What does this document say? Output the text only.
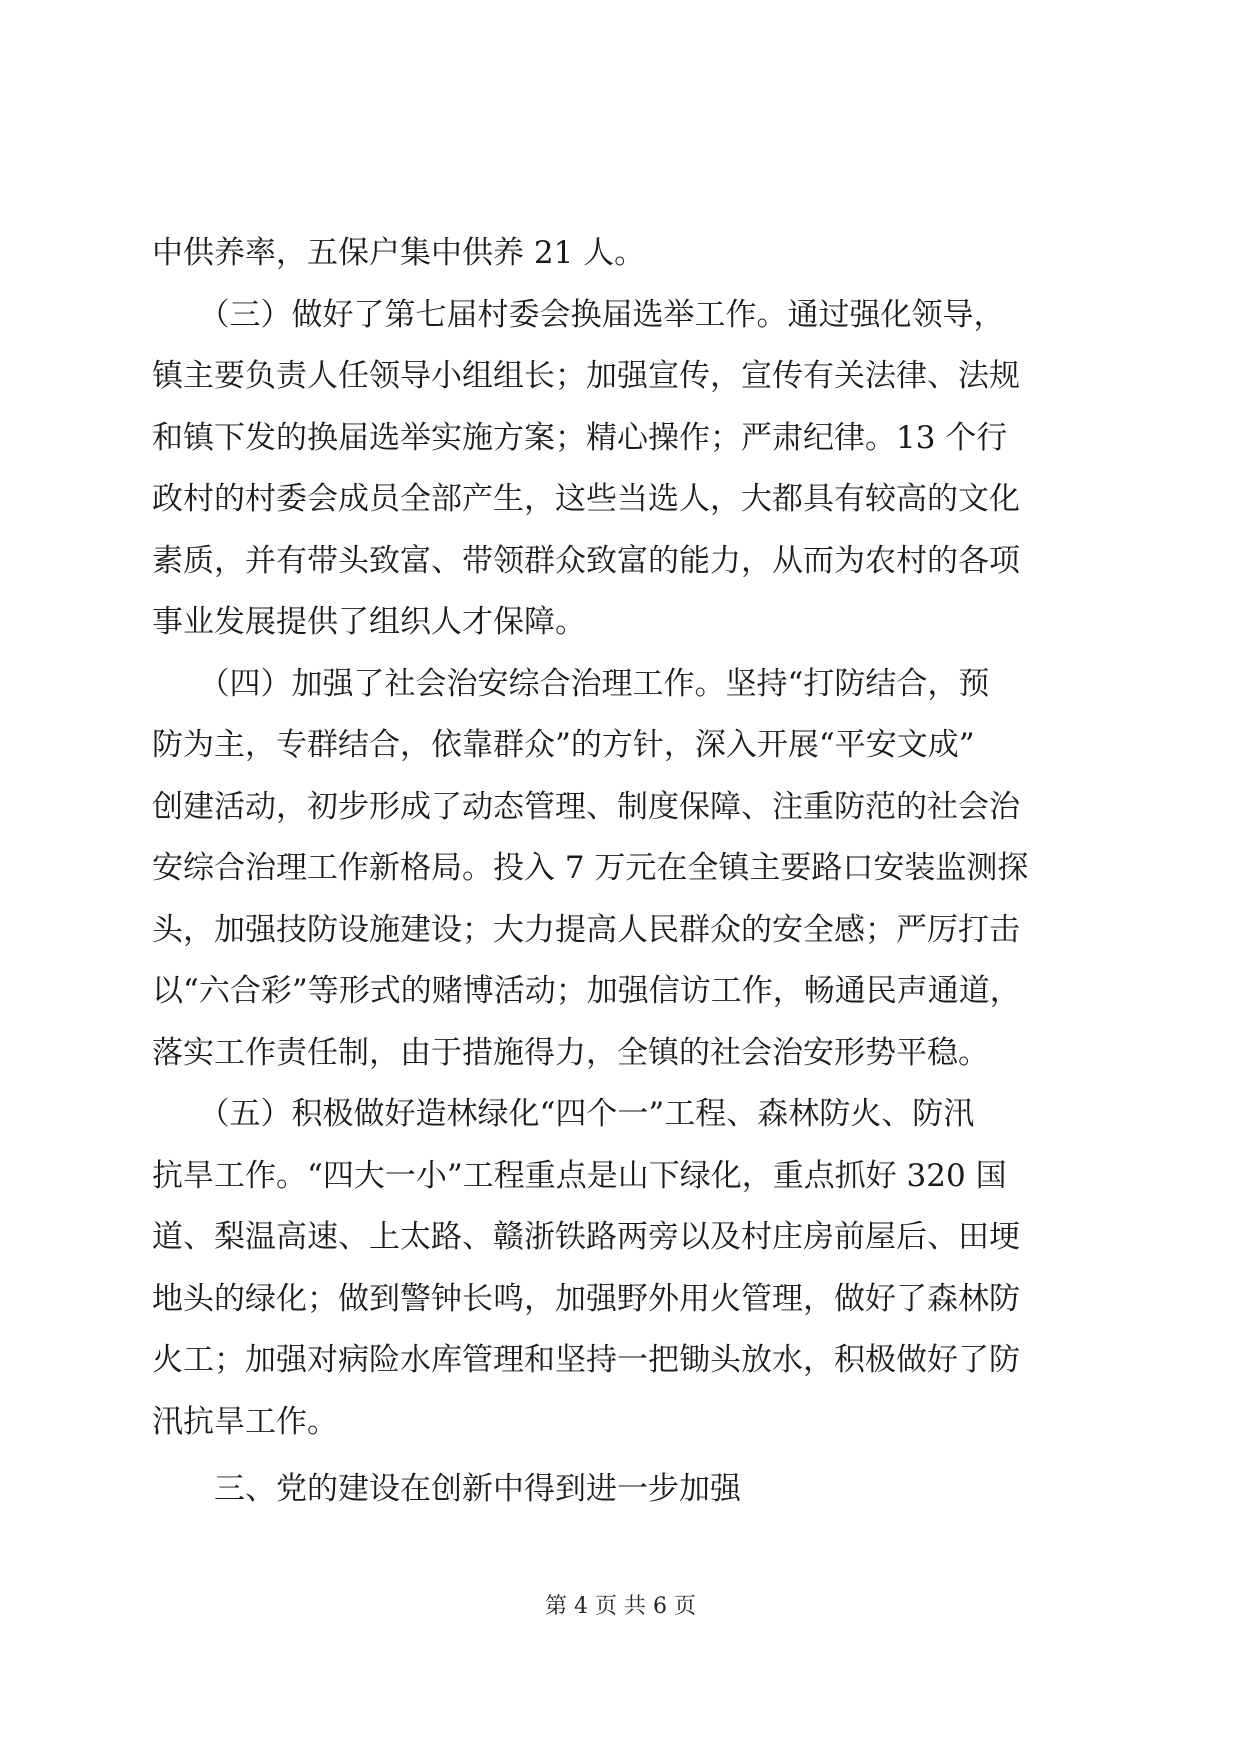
中供养率，五保户集中供养 21 人。
　　（三）做好了第七届村委会换届选举工作。通过强化领导，
镇主要负责人任领导小组组长；加强宣传，宣传有关法律、法规
和镇下发的换届选举实施方案；精心操作；严肃纪律。13 个行
政村的村委会成员全部产生，这些当选人，大都具有较高的文化
素质，并有带头致富、带领群众致富的能力，从而为农村的各项
事业发展提供了组织人才保障。
　　（四）加强了社会治安综合治理工作。坚持“打防结合，预
防为主，专群结合，依靠群众”的方针，深入开展“平安文成”
创建活动，初步形成了动态管理、制度保障、注重防范的社会治
安综合治理工作新格局。投入 7 万元在全镇主要路口安装监测探
头，加强技防设施建设；大力提高人民群众的安全感；严厉打击
以“六合彩”等形式的赌博活动；加强信访工作，畅通民声通道，
落实工作责任制，由于措施得力，全镇的社会治安形势平稳。
　　（五）积极做好造林绿化“四个一”工程、森林防火、防汛
抗旱工作。“四大一小”工程重点是山下绿化，重点抓好 320 国
道、梨温高速、上太路、赣浙铁路两旁以及村庄房前屋后、田埂
地头的绿化；做到警钟长鸣，加强野外用火管理，做好了森林防
火工；加强对病险水库管理和坚持一把锄头放水，积极做好了防
汛抗旱工作。
　　三、党的建设在创新中得到进一步加强
第 4 页 共 6 页
